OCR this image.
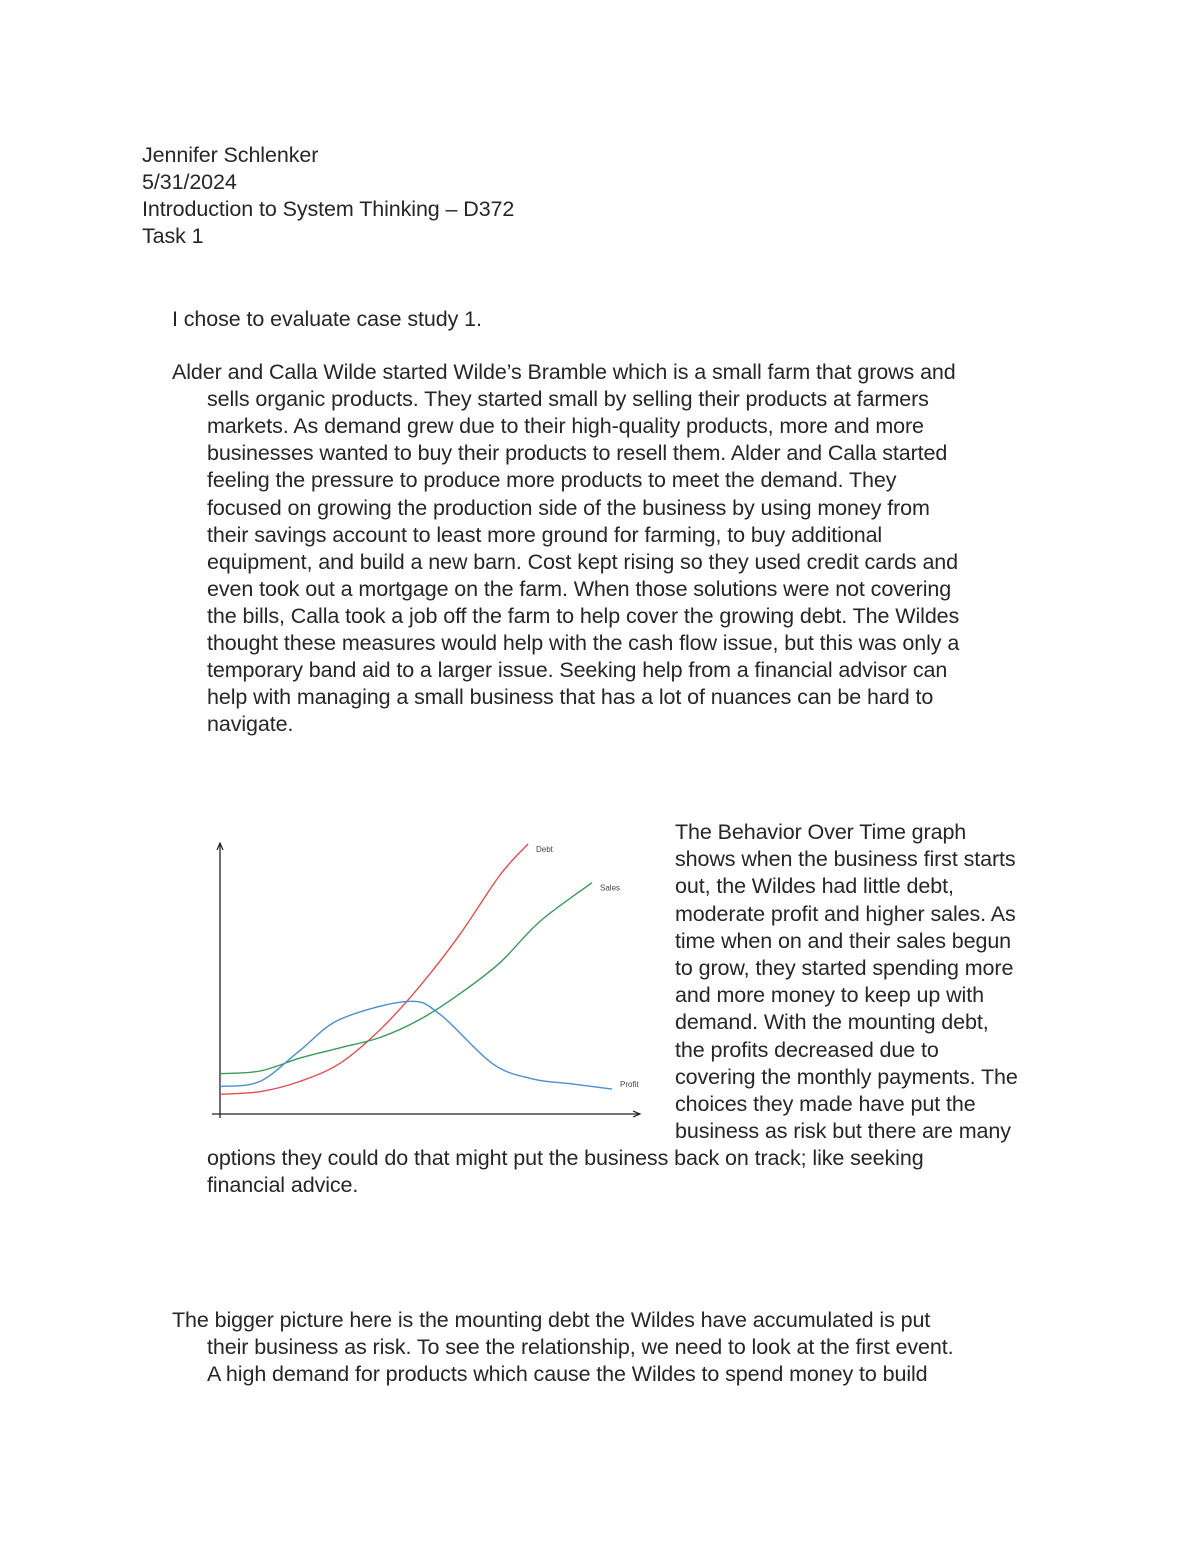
Jennifer Schlenker
5/31/2024
Introduction to System Thinking – D372
Task 1
I chose to evaluate case study 1.
Alder and Calla Wilde started Wilde’s Bramble which is a small farm that grows and
sells organic products. They started small by selling their products at farmers
markets. As demand grew due to their high-quality products, more and more
businesses wanted to buy their products to resell them. Alder and Calla started
feeling the pressure to produce more products to meet the demand. They
focused on growing the production side of the business by using money from
their savings account to least more ground for farming, to buy additional
equipment, and build a new barn. Cost kept rising so they used credit cards and
even took out a mortgage on the farm. When those solutions were not covering
the bills, Calla took a job off the farm to help cover the growing debt. The Wildes
thought these measures would help with the cash flow issue, but this was only a
temporary band aid to a larger issue. Seeking help from a financial advisor can
help with managing a small business that has a lot of nuances can be hard to
navigate.
The Behavior Over Time graph
shows when the business first starts
out, the Wildes had little debt,
moderate profit and higher sales. As
time when on and their sales begun
to grow, they started spending more
and more money to keep up with
demand. With the mounting debt,
the profits decreased due to
covering the monthly payments. The
choices they made have put the
business as risk but there are many
options they could do that might put the business back on track; like seeking
financial advice.
The bigger picture here is the mounting debt the Wildes have accumulated is put
their business as risk. To see the relationship, we need to look at the first event.
A high demand for products which cause the Wildes to spend money to build
Debt
Sales
Profit
